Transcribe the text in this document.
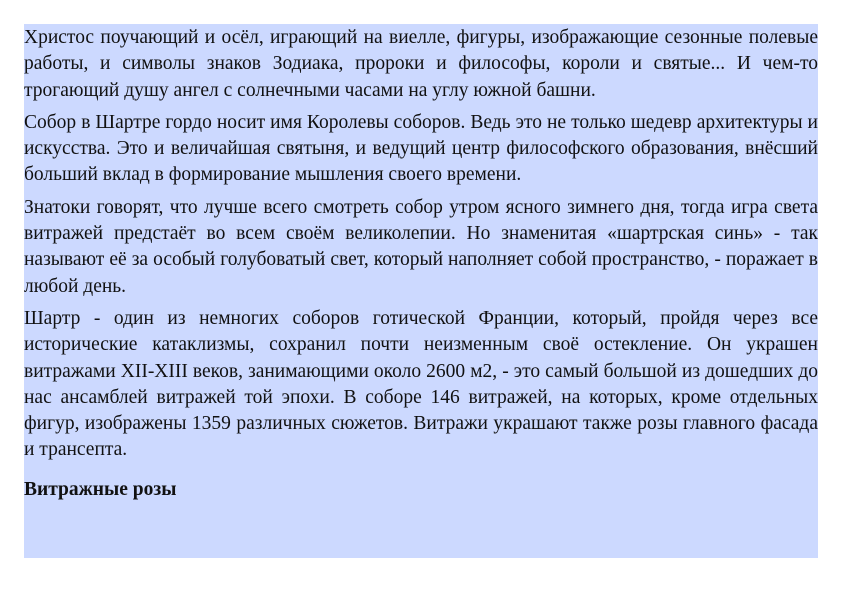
Христос поучающий и осёл, играющий на виелле, фигуры, изображающие сезонные полевые работы, и символы знаков Зодиака, пророки и философы, короли и святые... И чем-то трогающий душу ангел с солнечными часами на углу южной башни.

Собор в Шартре гордо носит имя Королевы соборов. Ведь это не только шедевр архитектуры и искусства. Это и величайшая святыня, и ведущий центр философского образования, внёсший больший вклад в формирование мышления своего времени.

Знатоки говорят, что лучше всего смотреть собор утром ясного зимнего дня, тогда игра света витражей предстаёт во всем своём великолепии. Но знаменитая «шартрская синь» - так называют её за особый голубоватый свет, который наполняет собой пространство, - поражает в любой день.

Шартр - один из немногих соборов готической Франции, который, пройдя через все исторические катаклизмы, сохранил почти неизменным своё остекление. Он украшен витражами XII-XIII веков, занимающими около 2600 м2, - это самый большой из дошедших до нас ансамблей витражей той эпохи. В соборе 146 витражей, на которых, кроме отдельных фигур, изображены 1359 различных сюжетов. Витражи украшают также розы главного фасада и трансепта.

Витражные розы
